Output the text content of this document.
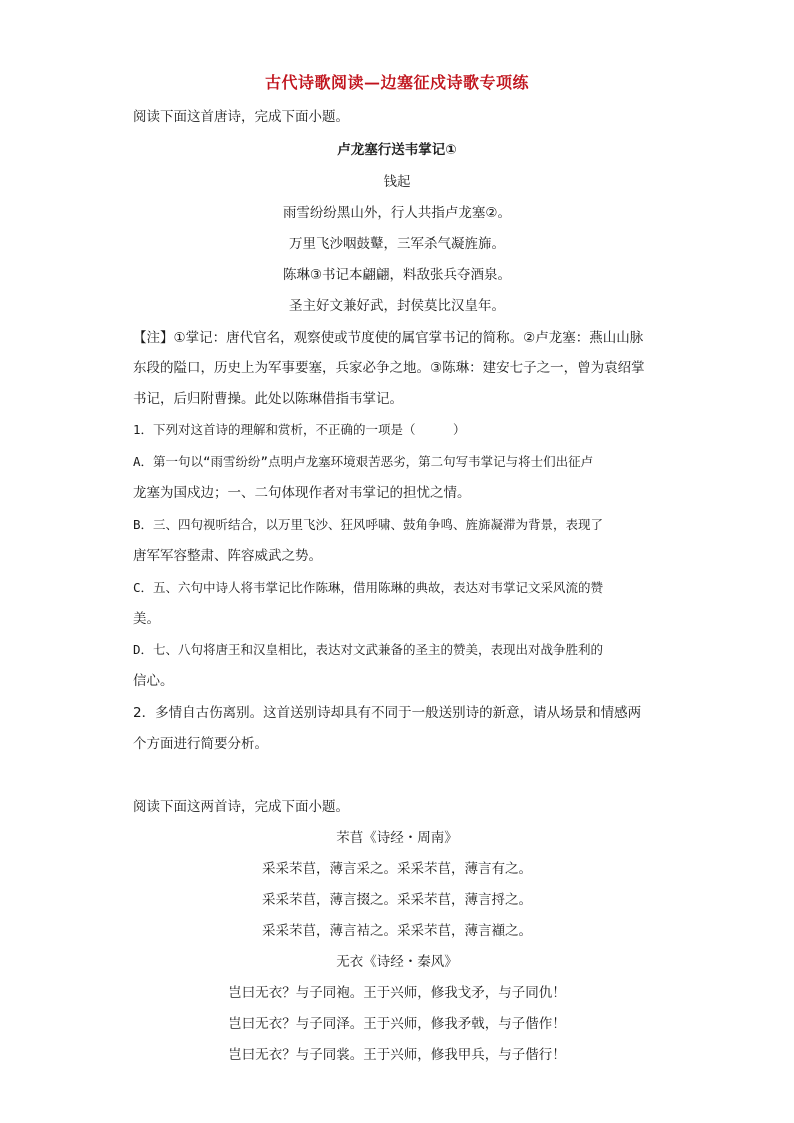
古代诗歌阅读—边塞征戍诗歌专项练
阅读下面这首唐诗，完成下面小题。
卢龙塞行送韦掌记①
钱起
雨雪纷纷黑山外，行人共指卢龙塞②。
万里飞沙咽鼓鼙，三军杀气凝旌旆。
陈琳③书记本翩翩，料敌张兵夺酒泉。
圣主好文兼好武，封侯莫比汉皇年。
【注】①掌记：唐代官名，观察使或节度使的属官掌书记的简称。②卢龙塞：燕山山脉
东段的隘口，历史上为军事要塞，兵家必争之地。③陈琳：建安七子之一，曾为袁绍掌
书记，后归附曹操。此处以陈琳借指韦掌记。
1．下列对这首诗的理解和赏析，不正确的一项是（　　　）
A．第一句以“雨雪纷纷”点明卢龙塞环境艰苦恶劣，第二句写韦掌记与将士们出征卢
龙塞为国戍边；一、二句体现作者对韦掌记的担忧之情。
B．三、四句视听结合，以万里飞沙、狂风呼啸、鼓角争鸣、旌旆凝滞为背景，表现了
唐军军容整肃、阵容威武之势。
C．五、六句中诗人将韦掌记比作陈琳，借用陈琳的典故，表达对韦掌记文采风流的赞
美。
D．七、八句将唐王和汉皇相比，表达对文武兼备的圣主的赞美，表现出对战争胜利的
信心。
2．多情自古伤离别。这首送别诗却具有不同于一般送别诗的新意，请从场景和情感两
个方面进行简要分析。
阅读下面这两首诗，完成下面小题。
芣苢《诗经・周南》
采采芣苢，薄言采之。采采芣苢，薄言有之。
采采芣苢，薄言掇之。采采芣苢，薄言捋之。
采采芣苢，薄言袺之。采采芣苢，薄言襭之。
无衣《诗经・秦风》
岂曰无衣？与子同袍。王于兴师，修我戈矛，与子同仇！
岂曰无衣？与子同泽。王于兴师，修我矛戟，与子偕作！
岂曰无衣？与子同裳。王于兴师，修我甲兵，与子偕行！
